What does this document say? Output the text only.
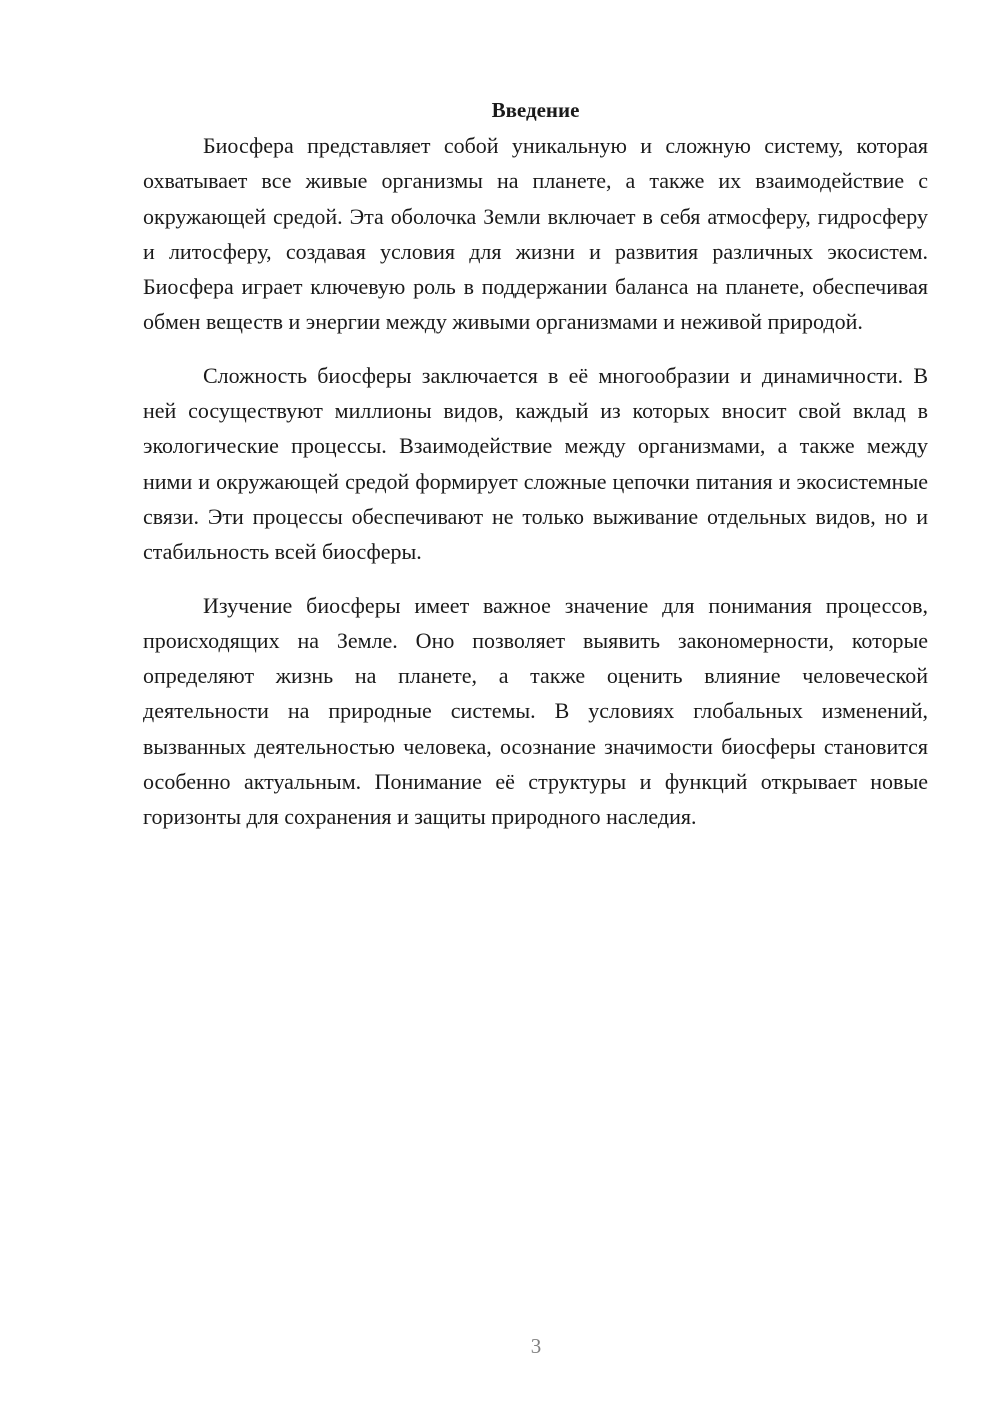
Введение

Биосфера представляет собой уникальную и сложную систему, которая охватывает все живые организмы на планете, а также их взаимодействие с окружающей средой. Эта оболочка Земли включает в себя атмосферу, гидросферу и литосферу, создавая условия для жизни и развития различных экосистем. Биосфера играет ключевую роль в поддержании баланса на планете, обеспечивая обмен веществ и энергии между живыми организмами и неживой природой.

Сложность биосферы заключается в её многообразии и динамичности. В ней сосуществуют миллионы видов, каждый из которых вносит свой вклад в экологические процессы. Взаимодействие между организмами, а также между ними и окружающей средой формирует сложные цепочки питания и экосистемные связи. Эти процессы обеспечивают не только выживание отдельных видов, но и стабильность всей биосферы.

Изучение биосферы имеет важное значение для понимания процессов, происходящих на Земле. Оно позволяет выявить закономерности, которые определяют жизнь на планете, а также оценить влияние человеческой деятельности на природные системы. В условиях глобальных изменений, вызванных деятельностью человека, осознание значимости биосферы становится особенно актуальным. Понимание её структуры и функций открывает новые горизонты для сохранения и защиты природного наследия.

3
